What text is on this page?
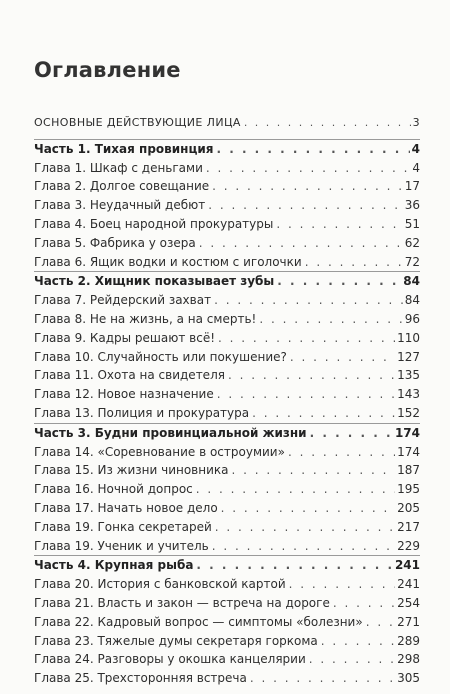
Оглавление
ОСНОВНЫЕ ДЕЙСТВУЮЩИЕ ЛИЦА . . .	3
Часть 1. Тихая провинция . . .	4
Глава 1. Шкаф с деньгами . . .	4
Глава 2. Долгое совещание . . .	17
Глава 3. Неудачный дебют . . .	36
Глава 4. Боец народной прокуратуры . . .	51
Глава 5. Фабрика у озера . . .	62
Глава 6. Ящик водки и костюм с иголочки . . .	72
Часть 2. Хищник показывает зубы . . .	84
Глава 7. Рейдерский захват . . .	84
Глава 8. Не на жизнь, а на смерть! . . .	96
Глава 9. Кадры решают всё! . . .	110
Глава 10. Случайность или покушение? . . .	127
Глава 11. Охота на свидетеля . . .	135
Глава 12. Новое назначение . . .	143
Глава 13. Полиция и прокуратура . . .	152
Часть 3. Будни провинциальной жизни . . .	174
Глава 14. «Соревнование в остроумии» . . .	174
Глава 15. Из жизни чиновника . . .	187
Глава 16. Ночной допрос . . .	195
Глава 17. Начать новое дело . . .	205
Глава 19. Гонка секретарей . . .	217
Глава 19. Ученик и учитель . . .	229
Часть 4. Крупная рыба . . .	241
Глава 20. История с банковской картой . . .	241
Глава 21. Власть и закон — встреча на дороге . . .	254
Глава 22. Кадровый вопрос — симптомы «болезни» . . .	271
Глава 23. Тяжелые думы секретаря горкома . . .	289
Глава 24. Разговоры у окошка канцелярии . . .	298
Глава 25. Трехсторонняя встреча . . .	305
